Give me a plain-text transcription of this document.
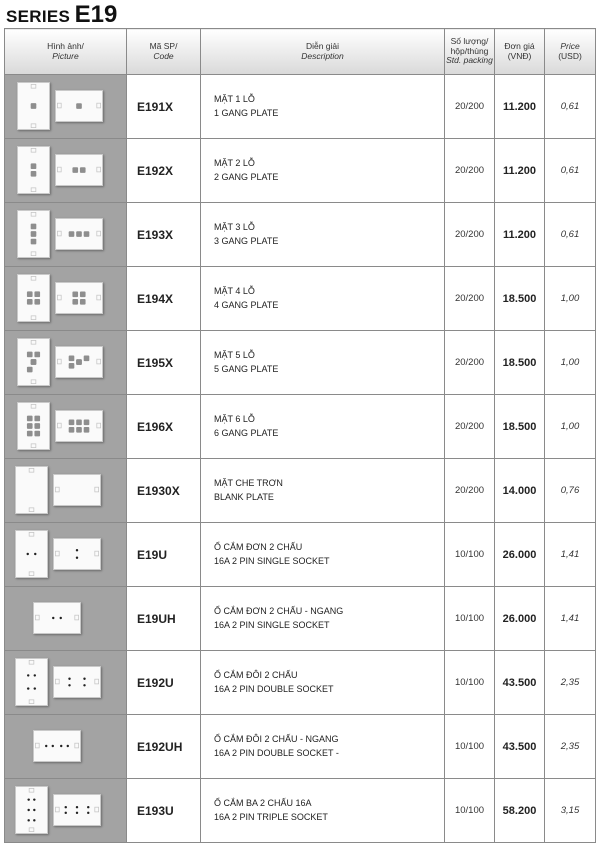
SERIES E19
Hình ảnh/
Picture	Mã SP/
Code	Diễn giải
Description	Số lượng/
hộp/thùng
Std. packing	Đơn giá
(VNĐ)	Price
(USD)

	E191X	MẶT 1 LỖ
1 GANG PLATE	20/200	11.200	0,61

	E192X	MẶT 2 LỖ
2 GANG PLATE	20/200	11.200	0,61

	E193X	MẶT 3 LỖ
3 GANG PLATE	20/200	11.200	0,61

	E194X	MẶT 4 LỖ
4 GANG PLATE	20/200	18.500	1,00

	E195X	MẶT 5 LỖ
5 GANG PLATE	20/200	18.500	1,00

	E196X	MẶT 6 LỖ
6 GANG PLATE	20/200	18.500	1,00

	E1930X	MẶT CHE TRƠN
BLANK PLATE	20/200	14.000	0,76

	E19U	Ổ CẮM ĐƠN 2 CHẤU
16A 2 PIN SINGLE SOCKET	10/100	26.000	1,41

	E19UH	Ổ CẮM ĐƠN 2 CHẤU - NGANG
16A 2 PIN SINGLE SOCKET	10/100	26.000	1,41

	E192U	Ổ CẮM ĐÔI 2 CHẤU
16A 2 PIN DOUBLE SOCKET	10/100	43.500	2,35

	E192UH	Ổ CẮM ĐÔI 2 CHẤU - NGANG
16A 2 PIN DOUBLE SOCKET -	10/100	43.500	2,35

	E193U	Ổ CẮM BA 2 CHẤU 16A
16A 2 PIN TRIPLE SOCKET	10/100	58.200	3,15
